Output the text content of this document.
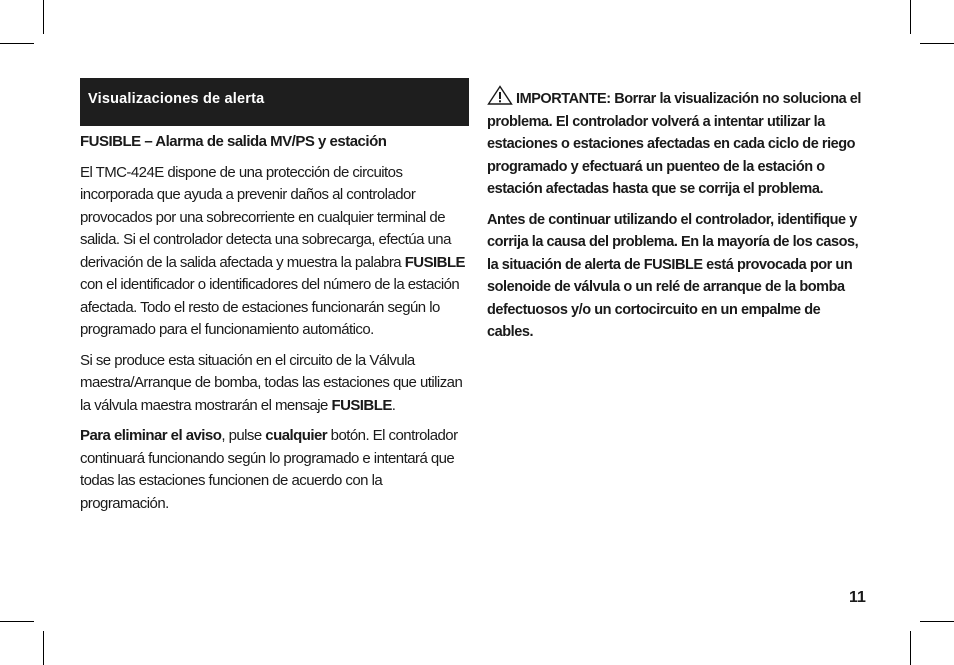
Visualizaciones de alerta

FUSIBLE – Alarma de salida MV/PS y estación

El TMC-424E dispone de una protección de circuitos incorporada que ayuda a prevenir daños al controlador provocados por una sobrecorriente en cualquier terminal de salida. Si el controlador detecta una sobrecarga, efectúa una derivación de la salida afectada y muestra la palabra FUSIBLE con el identificador o identificadores del número de la estación afectada. Todo el resto de estaciones funcionarán según lo programado para el funcionamiento automático.

Si se produce esta situación en el circuito de la Válvula maestra/Arranque de bomba, todas las estaciones que utilizan la válvula maestra mostrarán el mensaje FUSIBLE.

Para eliminar el aviso, pulse cualquier botón. El controlador continuará funcionando según lo programado e intentará que todas las estaciones funcionen de acuerdo con la programación.

IMPORTANTE: Borrar la visualización no soluciona el problema. El controlador volverá a intentar utilizar la estaciones o estaciones afectadas en cada ciclo de riego programado y efectuará un puenteo de la estación o estación afectadas hasta que se corrija el problema.

Antes de continuar utilizando el controlador, identifique y corrija la causa del problema. En la mayoría de los casos, la situación de alerta de FUSIBLE está provocada por un solenoide de válvula o un relé de arranque de la bomba defectuosos y/o un cortocircuito en un empalme de cables.

11
